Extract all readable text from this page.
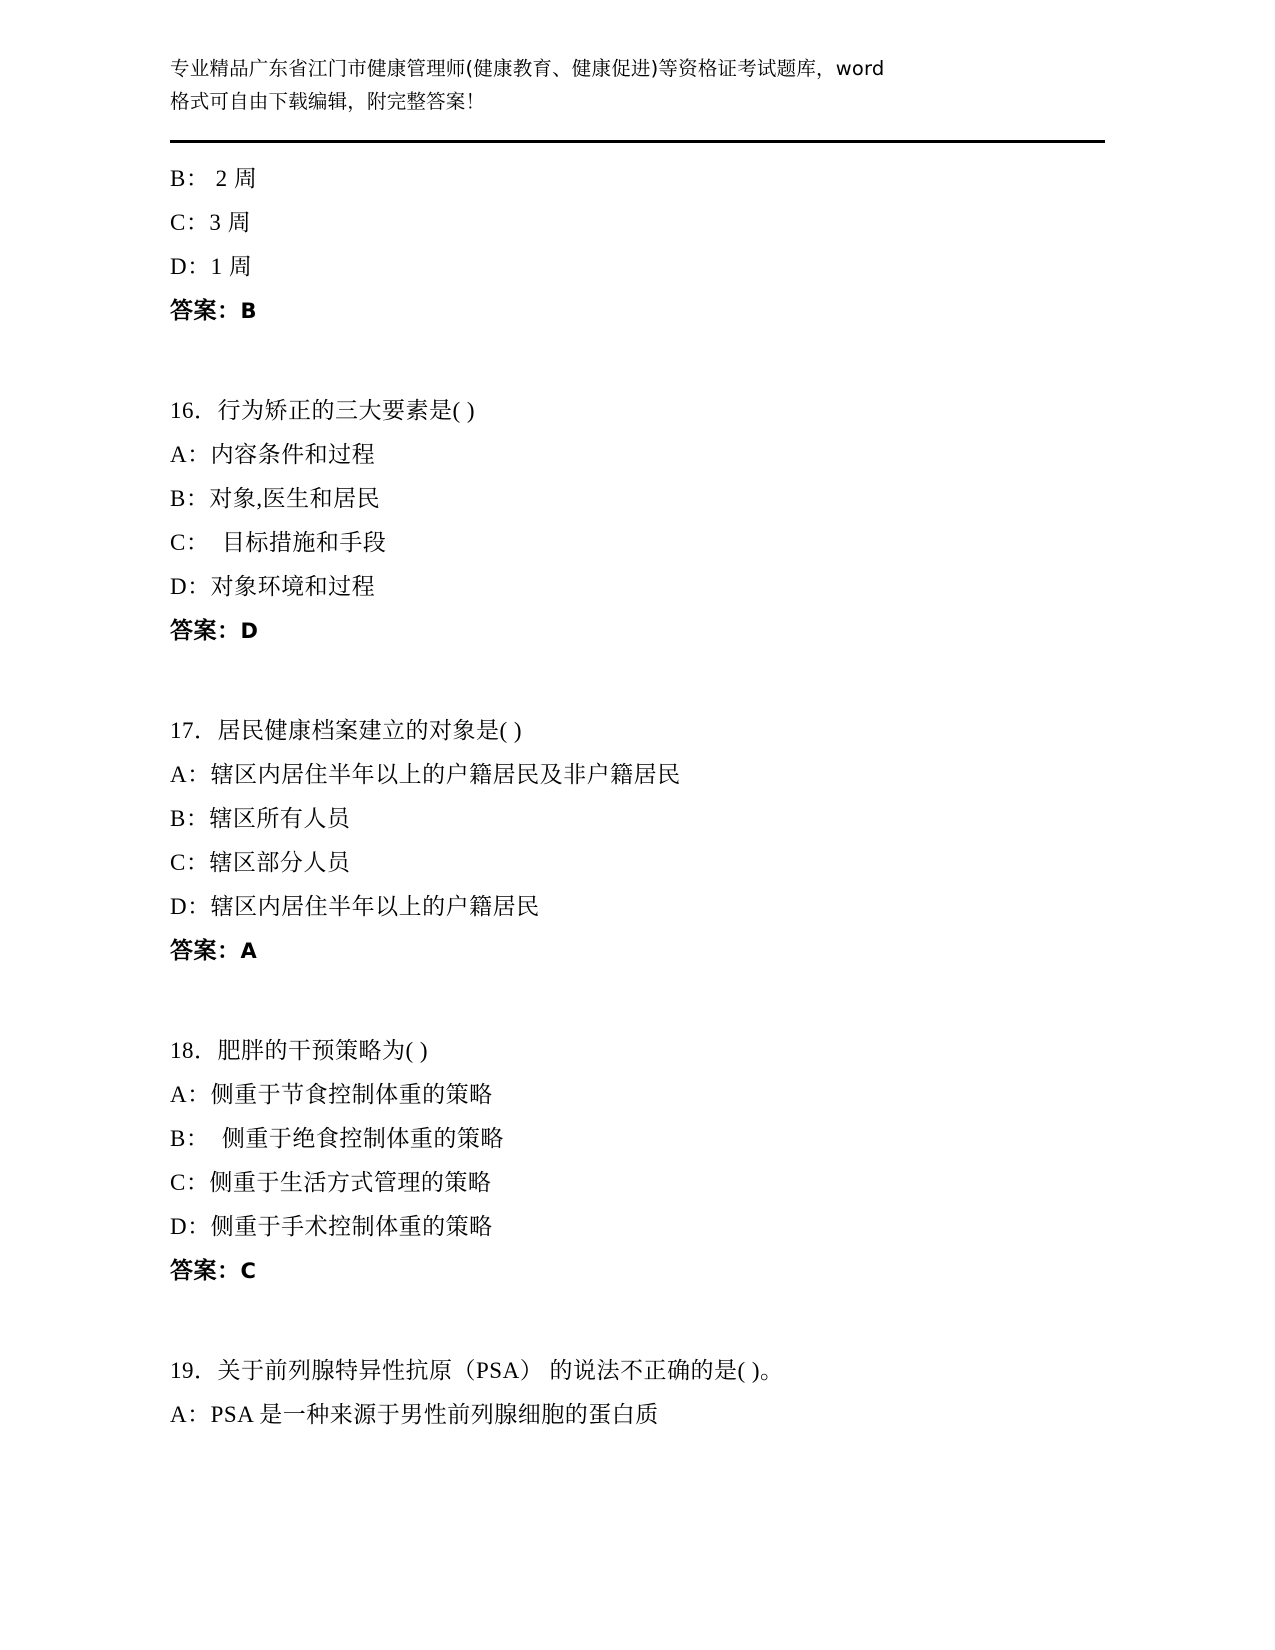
专业精品广东省江门市健康管理师(健康教育、健康促进)等资格证考试题库，word
格式可自由下载编辑，附完整答案！
B： 2 周
C：3 周
D：1 周
答案：B
16．行为矫正的三大要素是( )
A：内容条件和过程
B：对象,医生和居民
C：  目标措施和手段
D：对象环境和过程
答案：D
17．居民健康档案建立的对象是( )
A：辖区内居住半年以上的户籍居民及非户籍居民
B：辖区所有人员
C：辖区部分人员
D：辖区内居住半年以上的户籍居民
答案：A
18．肥胖的干预策略为( )
A：侧重于节食控制体重的策略
B：  侧重于绝食控制体重的策略
C：侧重于生活方式管理的策略
D：侧重于手术控制体重的策略
答案：C
19．关于前列腺特异性抗原（PSA） 的说法不正确的是( )。
A：PSA 是一种来源于男性前列腺细胞的蛋白质
